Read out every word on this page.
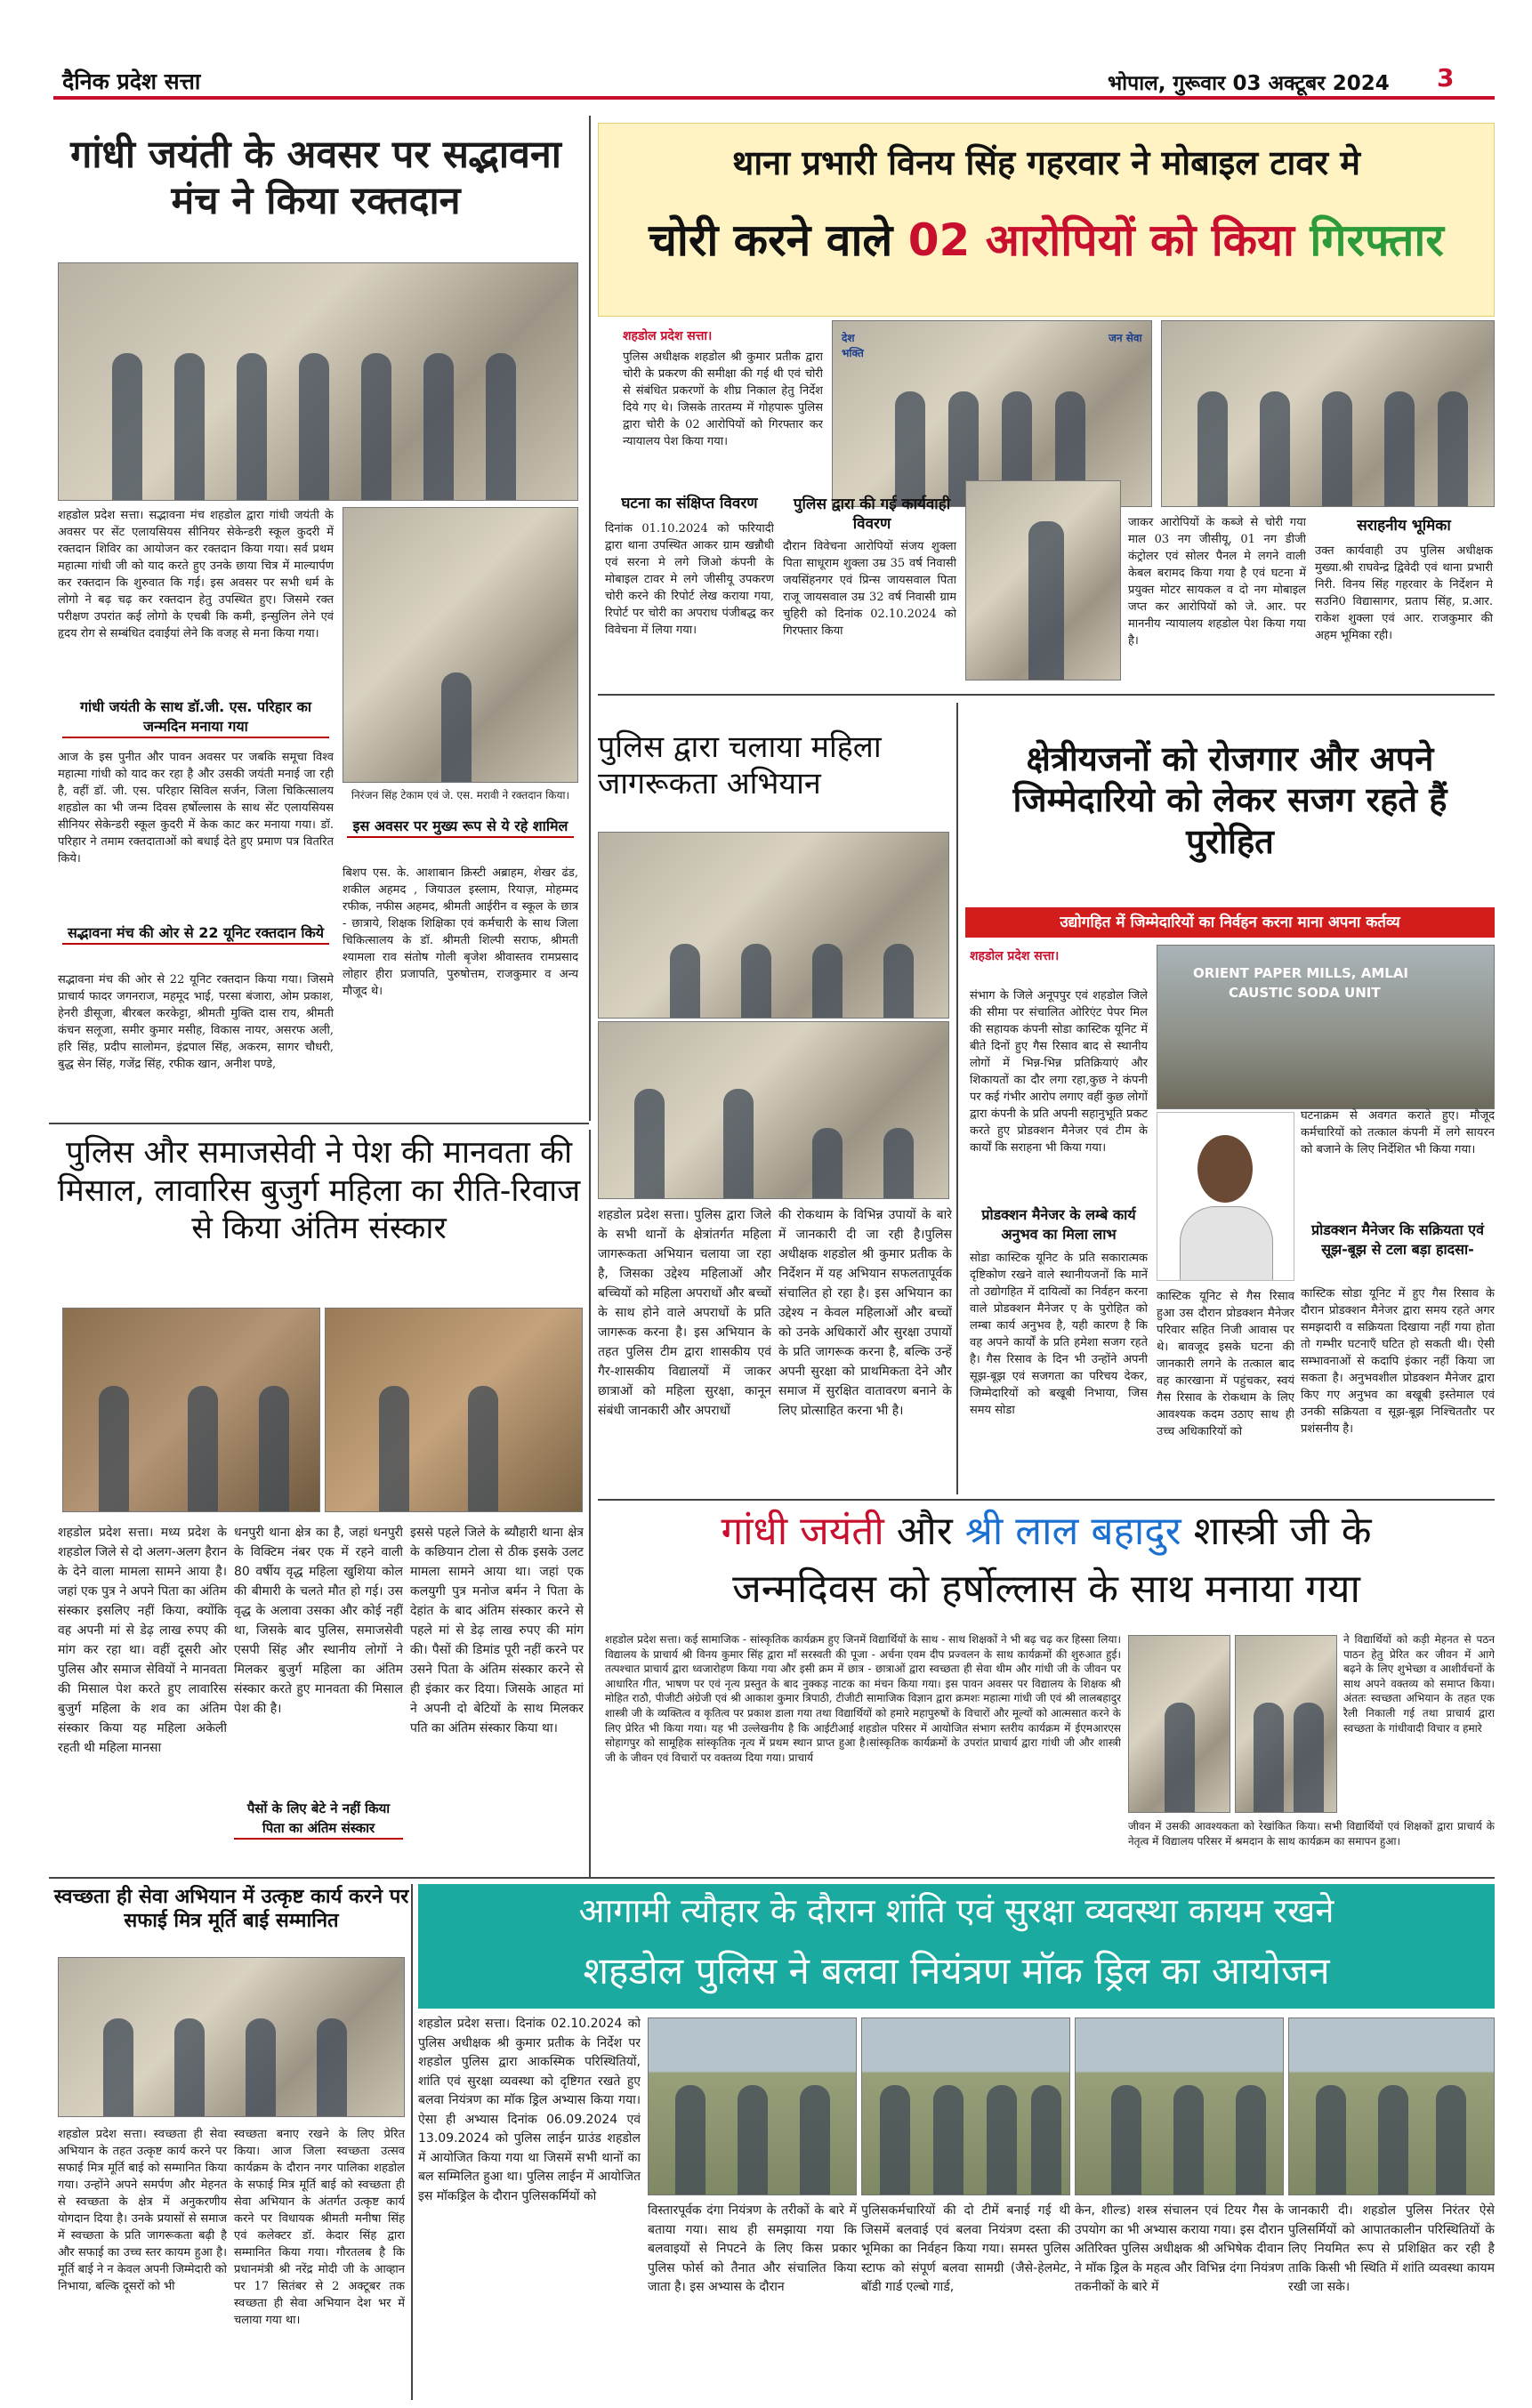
दैनिक प्रदेश सत्ता	भोपाल, गुरूवार 03 अक्टूबर 2024 3
गांधी जयंती के अवसर पर सद्भावना मंच ने किया रक्तदान
शहडोल प्रदेश सत्ता। सद्भावना मंच शहडोल द्वारा गांधी जयंती के अवसर पर सेंट एलायसियस सीनियर सेकेन्डरी स्कूल कुदरी में रक्तदान शिविर का आयोजन कर रक्तदान किया गया। सर्व प्रथम महात्मा गांधी जी को याद करते हुए उनके छाया चित्र में माल्यार्पण कर रक्तदान कि शुरुवात कि गई। इस अवसर पर सभी धर्म के लोगो ने बढ़ चढ़ कर रक्तदान हेतु उपस्थित हुए। जिसमे रक्त परीक्षण उपरांत कई लोगो के एचबी कि कमी, इन्सुलिन लेने एवं हृदय रोग से सम्बंधित दवाईयां लेने कि वजह से मना किया गया।
गांधी जयंती के साथ डॉ.जी. एस. परिहार का जन्मदिन मनाया गया
आज के इस पुनीत और पावन अवसर पर जबकि समूचा विश्व महात्मा गांधी को याद कर रहा है और उसकी जयंती मनाई जा रही है, वहीं डॉ. जी. एस. परिहार सिविल सर्जन, जिला चिकित्सालय शहडोल का भी जन्म दिवस हर्षोल्लास के साथ सेंट एलायसियस सीनियर सेकेन्डरी स्कूल कुदरी में केक काट कर मनाया गया। डॉ. परिहार ने तमाम रक्तदाताओं को बधाई देते हुए प्रमाण पत्र वितरित किये।
निरंजन सिंह टेकाम एवं जे. एस. मरावी ने रक्तदान किया।
सद्भावना मंच की ओर से 22 यूनिट रक्तदान किये
इस अवसर पर मुख्य रूप से ये रहे शामिल
सद्भावना मंच की ओर से 22 यूनिट रक्तदान किया गया। जिसमे प्राचार्य फादर जगनराज, महमूद भाई, परसा बंजारा, ओम प्रकाश, हेनरी डीसूजा, बीरबल करकेट्टा, श्रीमती मुक्ति दास राय, श्रीमती कंचन सलूजा, समीर कुमार मसीह, विकास नायर, असरफ अली, हरि सिंह, प्रदीप सालोमन, इंद्रपाल सिंह, अकरम, सागर चौधरी, बुद्ध सेन सिंह, गजेंद्र सिंह, रफीक खान, अनीश पण्डे,
बिशप एस. के. आशाबान क्रिस्टी अब्राहम, शेखर ढंड, शकील अहमद , जियाउल इस्लाम, रियाज़, मोहम्मद रफीक, नफीस अहमद, श्रीमती आईरीन व स्कूल के छात्र - छात्राये, शिक्षक शिक्षिका एवं कर्मचारी के साथ जिला चिकित्सालय के डॉ. श्रीमती शिल्पी सराफ, श्रीमती श्यामला राव संतोष गोली बृजेश श्रीवास्तव रामप्रसाद लोहार हीरा प्रजापति, पुरुषोत्तम, राजकुमार व अन्य मौजूद थे।
थाना प्रभारी विनय सिंह गहरवार ने मोबाइल टावर मे
चोरी करने वाले 02 आरोपियों को किया गिरफ्तार
शहडोल प्रदेश सत्ता।
पुलिस अधीक्षक शहडोल श्री कुमार प्रतीक द्वारा चोरी के प्रकरण की समीक्षा की गई थी एवं चोरी से संबंधित प्रकरणों के शीघ्र निकाल हेतु निर्देश दिये गए थे। जिसके तारतम्य में गोहपारू पुलिस द्वारा चोरी के 02 आरोपियों को गिरफ्तार कर न्यायालय पेश किया गया।
देश भक्ति
जन सेवा
घटना का संक्षिप्त विवरण
दिनांक 01.10.2024 को फरियादी द्वारा थाना उपस्थित आकर ग्राम खन्नौधी एवं सरना मे लगे जिओ कंपनी के मोबाइल टावर मे लगे जीसीयू उपकरण चोरी करने की रिपोर्ट लेख कराया गया, रिपोर्ट पर चोरी का अपराध पंजीबद्ध कर विवेचना में लिया गया।
पुलिस द्वारा की गई कार्यवाही विवरण
दौरान विवेचना आरोपियों संजय शुक्ला पिता साधूराम शुक्ला उम्र 35 वर्ष निवासी जयसिंहनगर एवं प्रिन्स जायसवाल पिता राजू जायसवाल उम्र 32 वर्ष निवासी ग्राम चुहिरी को दिनांक 02.10.2024 को गिरफ्तार किया
जाकर आरोपियों के कब्जे से चोरी गया माल 03 नग जीसीयू, 01 नग डीजी कंट्रोलर एवं सोलर पैनल मे लगने वाली केबल बरामद किया गया है एवं घटना में प्रयुक्त मोटर सायकल व दो नग मोबाइल जप्त कर आरोपियों को जे. आर. पर माननीय न्यायालय शहडोल पेश किया गया है।
सराहनीय भूमिका
उक्त कार्यवाही उप पुलिस अधीक्षक मुख्या.श्री राघवेन्द्र द्विवेदी एवं थाना प्रभारी निरी. विनय सिंह गहरवार के निर्देशन मे सउनि0 विद्यासागर, प्रताप सिंह, प्र.आर. राकेश शुक्ला एवं आर. राजकुमार की अहम भूमिका रही।
पुलिस द्वारा चलाया महिला जागरूकता अभियान
शहडोल प्रदेश सत्ता। पुलिस द्वारा जिले के सभी थानों के क्षेत्रांतर्गत महिला जागरूकता अभियान चलाया जा रहा है, जिसका उद्देश्य महिलाओं और बच्चियों को महिला अपराधों और बच्चों के साथ होने वाले अपराधों के प्रति जागरूक करना है। इस अभियान के तहत पुलिस टीम द्वारा शासकीय एवं गैर-शासकीय विद्यालयों में जाकर छात्राओं को महिला सुरक्षा, कानून संबंधी जानकारी और अपराधों
की रोकथाम के विभिन्न उपायों के बारे में जानकारी दी जा रही है।पुलिस अधीक्षक शहडोल श्री कुमार प्रतीक के निर्देशन में यह अभियान सफलतापूर्वक संचालित हो रहा है। इस अभियान का उद्देश्य न केवल महिलाओं और बच्चों को उनके अधिकारों और सुरक्षा उपायों के प्रति जागरूक करना है, बल्कि उन्हें अपनी सुरक्षा को प्राथमिकता देने और समाज में सुरक्षित वातावरण बनाने के लिए प्रोत्साहित करना भी है।
क्षेत्रीयजनों को रोजगार और अपने जिम्मेदारियो को लेकर सजग रहते हैं पुरोहित
उद्योगहित में जिम्मेदारियों का निर्वहन करना माना अपना कर्तव्य
शहडोल प्रदेश सत्ता।
संभाग के जिले अनूपपुर एवं शहडोल जिले की सीमा पर संचालित ओरिएंट पेपर मिल की सहायक कंपनी सोडा कास्टिक यूनिट में बीते दिनों हुए गैस रिसाव बाद से स्थानीय लोगों में भिन्न-भिन्न प्रतिक्रियाएं और शिकायतों का दौर लगा रहा,कुछ ने कंपनी पर कई गंभीर आरोप लगाए वहीं कुछ लोगों द्वारा कंपनी के प्रति अपनी सहानुभूति प्रकट करते हुए प्रोडक्शन मैनेजर एवं टीम के कार्यों कि सराहना भी किया गया।
ORIENT PAPER MILLS, AMLAI
CAUSTIC SODA UNIT
घटनाक्रम से अवगत कराते हुए। मौजूद कर्मचारियों को तत्काल कंपनी में लगे सायरन को बजाने के लिए निर्देशित भी किया गया।
प्रोडक्शन मैनेजर के लम्बे कार्य अनुभव का मिला लाभ
सोडा कास्टिक यूनिट के प्रति सकारात्मक दृष्टिकोण रखने वाले स्थानीयजनों कि मानें तो उद्योगहित में दायित्वों का निर्वहन करना वाले प्रोडक्शन मैनेजर ए के पुरोहित को लम्बा कार्य अनुभव है, यही कारण है कि वह अपने कार्यों के प्रति हमेशा सजग रहते है। गैस रिसाव के दिन भी उन्होंने अपनी सूझ-बूझ एवं सजगता का परिचय देकर, जिम्मेदारियों को बखूबी निभाया, जिस समय सोडा
कास्टिक यूनिट से गैस रिसाव हुआ उस दौरान प्रोडक्शन मैनेजर परिवार सहित निजी आवास पर थे। बावजूद इसके घटना की जानकारी लगने के तत्काल बाद वह कारखाना में पहुंचकर, स्वयं गैस रिसाव के रोकथाम के लिए आवश्यक कदम उठाए साथ ही उच्च अधिकारियों को
प्रोडक्शन मैनेजर कि सक्रियता एवं सूझ-बूझ से टला बड़ा हादसा-
कास्टिक सोडा यूनिट में हुए गैस रिसाव के दौरान प्रोडक्शन मैनेजर द्वारा समय रहते अगर समझदारी व सक्रियता दिखाया नहीं गया होता तो गम्भीर घटनाएँ घटित हो सकती थी। ऐसी सम्भावनाओं से कदापि इंकार नहीं किया जा सकता है। अनुभवशील प्रोडक्शन मैनेजर द्वारा किए गए अनुभव का बखूबी इस्तेमाल एवं उनकी सक्रियता व सूझ-बूझ निश्चिततौर पर प्रशंसनीय है।
पुलिस और समाजसेवी ने पेश की मानवता की मिसाल, लावारिस बुजुर्ग महिला का रीति-रिवाज से किया अंतिम संस्कार
शहडोल प्रदेश सत्ता। मध्य प्रदेश के शहडोल जिले से दो अलग-अलग हैरान के देने वाला मामला सामने आया है। जहां एक पुत्र ने अपने पिता का अंतिम संस्कार इसलिए नहीं किया, क्योंकि वह अपनी मां से डेढ़ लाख रुपए की मांग कर रहा था। वहीं दूसरी ओर पुलिस और समाज सेवियों ने मानवता की मिसाल पेश करते हुए लावारिस बुजुर्ग महिला के शव का अंतिम संस्कार किया यह महिला अकेली रहती थी महिला मानसा
धनपुरी थाना क्षेत्र का है, जहां धनपुरी के विक्टिम नंबर एक में रहने वाली 80 वर्षीय वृद्ध महिला खुशिया कोल की बीमारी के चलते मौत हो गई। उस वृद्ध के अलावा उसका और कोई नहीं था, जिसके बाद पुलिस, समाजसेवी एसपी सिंह और स्थानीय लोगों ने मिलकर बुजुर्ग महिला का अंतिम संस्कार करते हुए मानवता की मिसाल पेश की है।
पैसों के लिए बेटे ने नहीं किया पिता का अंतिम संस्कार
इससे पहले जिले के ब्यौहारी थाना क्षेत्र के कछियान टोला से ठीक इसके उलट मामला सामने आया था। जहां एक कलयुगी पुत्र मनोज बर्मन ने पिता के देहांत के बाद अंतिम संस्कार करने से पहले मां से डेढ़ लाख रुपए की मांग की। पैसों की डिमांड पूरी नहीं करने पर उसने पिता के अंतिम संस्कार करने से ही इंकार कर दिया। जिसके आहत मां ने अपनी दो बेटियों के साथ मिलकर पति का अंतिम संस्कार किया था।
गांधी जयंती और श्री लाल बहादुर शास्त्री जी के
जन्मदिवस को हर्षोल्लास के साथ मनाया गया
शहडोल प्रदेश सत्ता। कई सामाजिक - सांस्कृतिक कार्यक्रम हुए जिनमें विद्यार्थियों के साथ - साथ शिक्षकों ने भी बढ़ चढ़ कर हिस्सा लिया। विद्यालय के प्राचार्य श्री विनय कुमार सिंह द्वारा माँ सरस्वती की पूजा - अर्चना एवम दीप प्रज्वलन के साथ कार्यक्रमों की शुरुआत हुई। तत्पश्चात प्राचार्य द्वारा ध्वजारोहण किया गया और इसी क्रम में छात्र - छात्राओं द्वारा स्वच्छता ही सेवा थीम और गांधी जी के जीवन पर आधारित गीत, भाषण पर एवं नृत्य प्रस्तुत के बाद नुक्कड़ नाटक का मंचन किया गया। इस पावन अवसर पर विद्यालय के शिक्षक श्री मोहित राठौ, पीजीटी अंग्रेजी एवं श्री आकाश कुमार त्रिपाठी, टीजीटी सामाजिक विज्ञान द्वारा क्रमशः महात्मा गांधी जी एवं श्री लालबहादुर शास्त्री जी के व्यक्तित्व व कृतित्व पर प्रकाश डाला गया तथा विद्यार्थियों को हमारे महापुरुषों के विचारों और मूल्यों को आत्मसात करने के लिए प्रेरित भी किया गया। यह भी उल्लेखनीय है कि आईटीआई शहडोल परिसर में आयोजित संभाग स्तरीय कार्यक्रम में ईएमआरएस सोहागपुर को सामूहिक सांस्कृतिक नृत्य में प्रथम स्थान प्राप्त हुआ है।सांस्कृतिक कार्यक्रमों के उपरांत प्राचार्य द्वारा गांधी जी और शास्त्री जी के जीवन एवं विचारों पर वक्तव्य दिया गया। प्राचार्य
ने विद्यार्थियों को कड़ी मेहनत से पठन पाठन हेतु प्रेरित कर जीवन में आगे बढ़ने के लिए शुभेच्छा व आशीर्वचनों के साथ अपने वक्तव्य को समाप्त किया। अंततः स्वच्छता अभियान के तहत एक रैली निकाली गई तथा प्राचार्य द्वारा स्वच्छता के गांधीवादी विचार व हमारे
जीवन में उसकी आवश्यकता को रेखांकित किया। सभी विद्यार्थियों एवं शिक्षकों द्वारा प्राचार्य के नेतृत्व में विद्यालय परिसर में श्रमदान के साथ कार्यक्रम का समापन हुआ।
स्वच्छता ही सेवा अभियान में उत्कृष्ट कार्य करने पर सफाई मित्र मूर्ति बाई सम्मानित
शहडोल प्रदेश सत्ता। स्वच्छता ही सेवा अभियान के तहत उत्कृष्ट कार्य करने पर सफाई मित्र मूर्ति बाई को सम्मानित किया गया। उन्होंने अपने समर्पण और मेहनत से स्वच्छता के क्षेत्र में अनुकरणीय योगदान दिया है। उनके प्रयासों से समाज में स्वच्छता के प्रति जागरूकता बढ़ी है और सफाई का उच्च स्तर कायम हुआ है। मूर्ति बाई ने न केवल अपनी जिम्मेदारी को निभाया, बल्कि दूसरों को भी
स्वच्छता बनाए रखने के लिए प्रेरित किया। आज जिला स्वच्छता उत्सव कार्यक्रम के दौरान नगर पालिका शहडोल के सफाई मित्र मूर्ति बाई को स्वच्छता ही सेवा अभियान के अंतर्गत उत्कृष्ट कार्य करने पर विधायक श्रीमती मनीषा सिंह एवं कलेक्टर डॉ. केदार सिंह द्वारा सम्मानित किया गया। गौरतलब है कि प्रधानमंत्री श्री नरेंद्र मोदी जी के आव्हान पर 17 सितंबर से 2 अक्टूबर तक स्वच्छता ही सेवा अभियान देश भर में चलाया गया था।
आगामी त्यौहार के दौरान शांति एवं सुरक्षा व्यवस्था कायम रखने
शहडोल पुलिस ने बलवा नियंत्रण मॉक ड्रिल का आयोजन
शहडोल प्रदेश सत्ता। दिनांक 02.10.2024 को पुलिस अधीक्षक श्री कुमार प्रतीक के निर्देश पर शहडोल पुलिस द्वारा आकस्मिक परिस्थितियों, शांति एवं सुरक्षा व्यवस्था को दृष्टिगत रखते हुए बलवा नियंत्रण का मॉक ड्रिल अभ्यास किया गया। ऐसा ही अभ्यास दिनांक 06.09.2024 एवं 13.09.2024 को पुलिस लाईन ग्राउंड शहडोल में आयोजित किया गया था जिसमें सभी थानों का बल सम्मिलित हुआ था। पुलिस लाईन में आयोजित इस मॉकड्रिल के दौरान पुलिसकर्मियों को
विस्तारपूर्वक दंगा नियंत्रण के तरीकों के बारे में बताया गया। साथ ही समझाया गया कि बलवाइयों से निपटने के लिए किस प्रकार पुलिस फोर्स को तैनात और संचालित किया जाता है। इस अभ्यास के दौरान
पुलिसकर्मचारियों की दो टीमें बनाई गई थी जिसमें बलवाई एवं बलवा नियंत्रण दस्ता की भूमिका का निर्वहन किया गया। समस्त पुलिस स्टाफ को संपूर्ण बलवा सामग्री (जैसे-हेलमेट, बॉडी गार्ड एल्बो गार्ड,
केन, शील्ड) शस्त्र संचालन एवं टियर गैस के उपयोग का भी अभ्यास कराया गया। इस दौरान अतिरिक्त पुलिस अधीक्षक श्री अभिषेक दीवान ने मॉक ड्रिल के महत्व और विभिन्न दंगा नियंत्रण तकनीकों के बारे में
जानकारी दी। शहडोल पुलिस निरंतर ऐसे पुलिसर्मियों को आपातकालीन परिस्थितियों के लिए नियमित रूप से प्रशिक्षित कर रही है ताकि किसी भी स्थिति में शांति व्यवस्था कायम रखी जा सके।
